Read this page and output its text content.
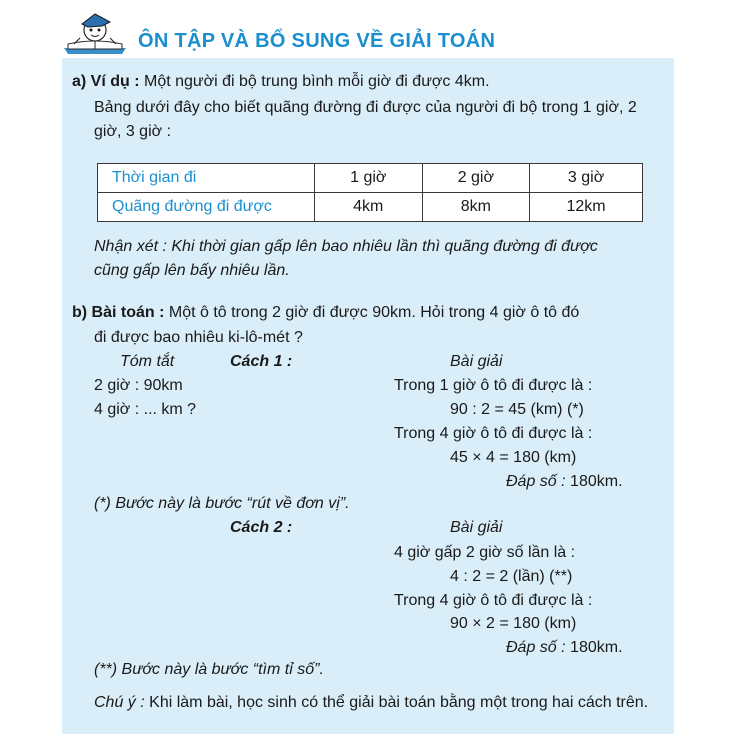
ÔN TẬP VÀ BỔ SUNG VỀ GIẢI TOÁN
a) Ví dụ : Một người đi bộ trung bình mỗi giờ đi được 4km.
Bảng dưới đây cho biết quãng đường đi được của người đi bộ trong 1 giờ, 2
giờ, 3 giờ :
Thời gian đi	1 giờ	2 giờ	3 giờ
Quãng đường đi được	4km	8km	12km
Nhận xét : Khi thời gian gấp lên bao nhiêu lần thì quãng đường đi được
cũng gấp lên bấy nhiêu lần.
b) Bài toán : Một ô tô trong 2 giờ đi được 90km. Hỏi trong 4 giờ ô tô đó
đi được bao nhiêu ki-lô-mét ?
Tóm tắt	Cách 1 :	Bài giải
2 giờ : 90km
4 giờ : ... km ?
Trong 1 giờ ô tô đi được là :
90 : 2 = 45 (km) (*)
Trong 4 giờ ô tô đi được là :
45 × 4 = 180 (km)
Đáp số : 180km.
(*) Bước này là bước “rút về đơn vị”.
Cách 2 :	Bài giải
4 giờ gấp 2 giờ số lần là :
4 : 2 = 2 (lần) (**)
Trong 4 giờ ô tô đi được là :
90 × 2 = 180 (km)
Đáp số : 180km.
(**) Bước này là bước “tìm tỉ số”.
Chú ý : Khi làm bài, học sinh có thể giải bài toán bằng một trong hai cách trên.
